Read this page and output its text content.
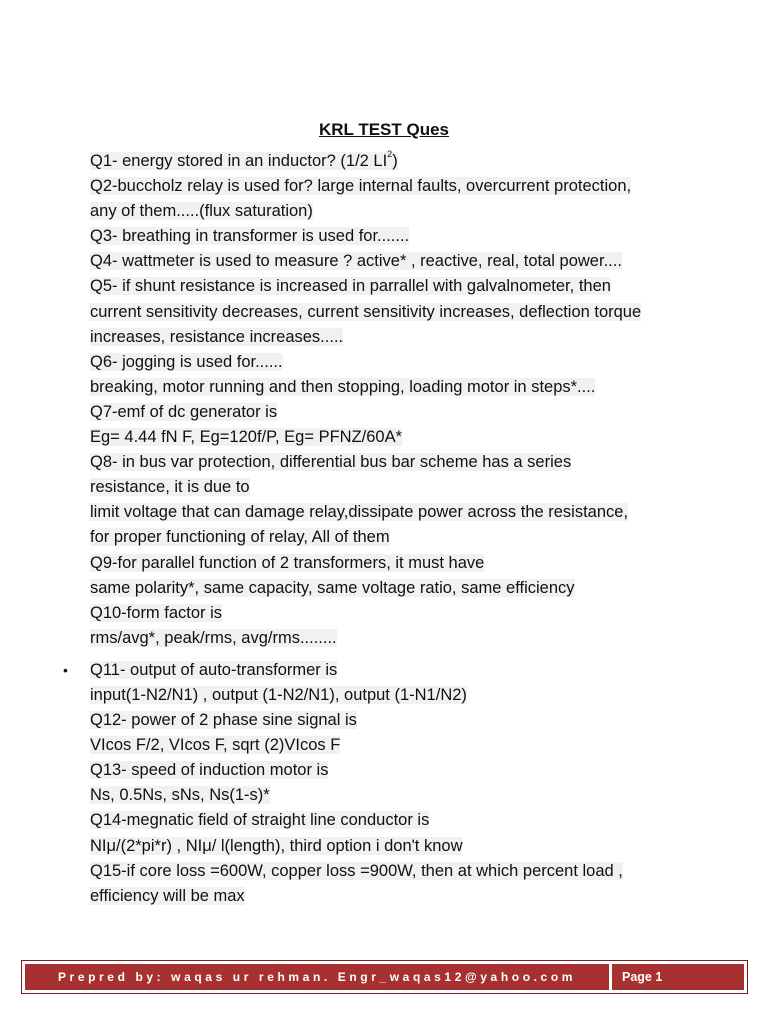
KRL TEST Ques
Q1- energy stored in an inductor? (1/2 $LI^2$)
Q2-buccholz relay is used for? large internal faults, overcurrent protection,
any of them.....(flux saturation)
Q3- breathing in transformer is used for.......
Q4- wattmeter is used to measure ? active* , reactive, real, total power....
Q5- if shunt resistance is increased in parrallel with galvalnometer, then
current sensitivity decreases, current sensitivity increases, deflection torque
increases, resistance increases.....
Q6- jogging is used for......
breaking, motor running and then stopping, loading motor in steps*....
Q7-emf of dc generator is
Eg= 4.44 fN F, Eg=120f/P, Eg= PFNZ/60A*
Q8- in bus var protection, differential bus bar scheme has a series
resistance, it is due to
limit voltage that can damage relay,dissipate power across the resistance,
for proper functioning of relay, All of them
Q9-for parallel function of 2 transformers, it must have
same polarity*, same capacity, same voltage ratio, same efficiency
Q10-form factor is
rms/avg*, peak/rms, avg/rms........
• Q11- output of auto-transformer is
input(1-N2/N1) , output (1-N2/N1), output (1-N1/N2)
Q12- power of 2 phase sine signal is
VIcos F/2, VIcos F, sqrt (2)VIcos F
Q13- speed of induction motor is
Ns, 0.5Ns, sNs, Ns(1-s)*
Q14-megnatic field of straight line conductor is
NIμ/(2*pi*r) , NIμ/ l(length), third option i don't know
Q15-if core loss =600W, copper loss =900W, then at which percent load ,
efficiency will be max
Prepred by: waqas ur rehman. Engr_waqas12@yahoo.com	Page 1
